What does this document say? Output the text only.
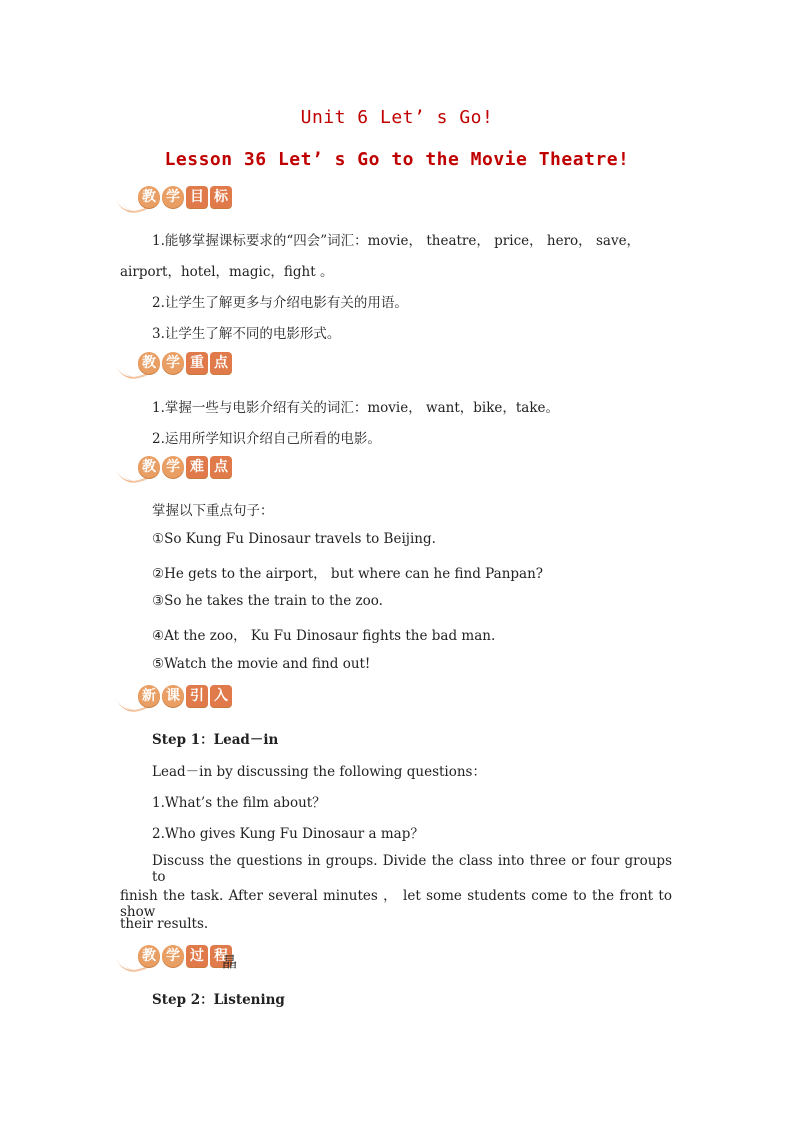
Unit 6 Let’ s Go!
Lesson 36 Let’ s Go to the Movie Theatre!
教 学 目 标
1.能够掌握课标要求的“四会”词汇：movie， theatre， price， hero， save，
airport，hotel，magic，fight 。
2.让学生了解更多与介绍电影有关的用语。
3.让学生了解不同的电影形式。
教 学 重 点
1.掌握一些与电影介绍有关的词汇：movie， want，bike，take。
2.运用所学知识介绍自己所看的电影。
教 学 难 点
掌握以下重点句子：
①So Kung Fu Dinosaur travels to Beijing.
②He gets to the airport， but where can he find Panpan?
③So he takes the train to the zoo.
④At the zoo， Ku Fu Dinosaur fights the bad man.
⑤Watch the movie and find out!
新 课 引 入
Step 1：Lead－in
Lead－in by discussing the following questions：
1.What’s the film about？
2.Who gives Kung Fu Dinosaur a map？
Discuss the questions in groups. Divide the class into three or four groups to
finish the task. After several minutes ， let some students come to the front to show
their results.
教 学 过 程
瞐
Step 2：Listening
